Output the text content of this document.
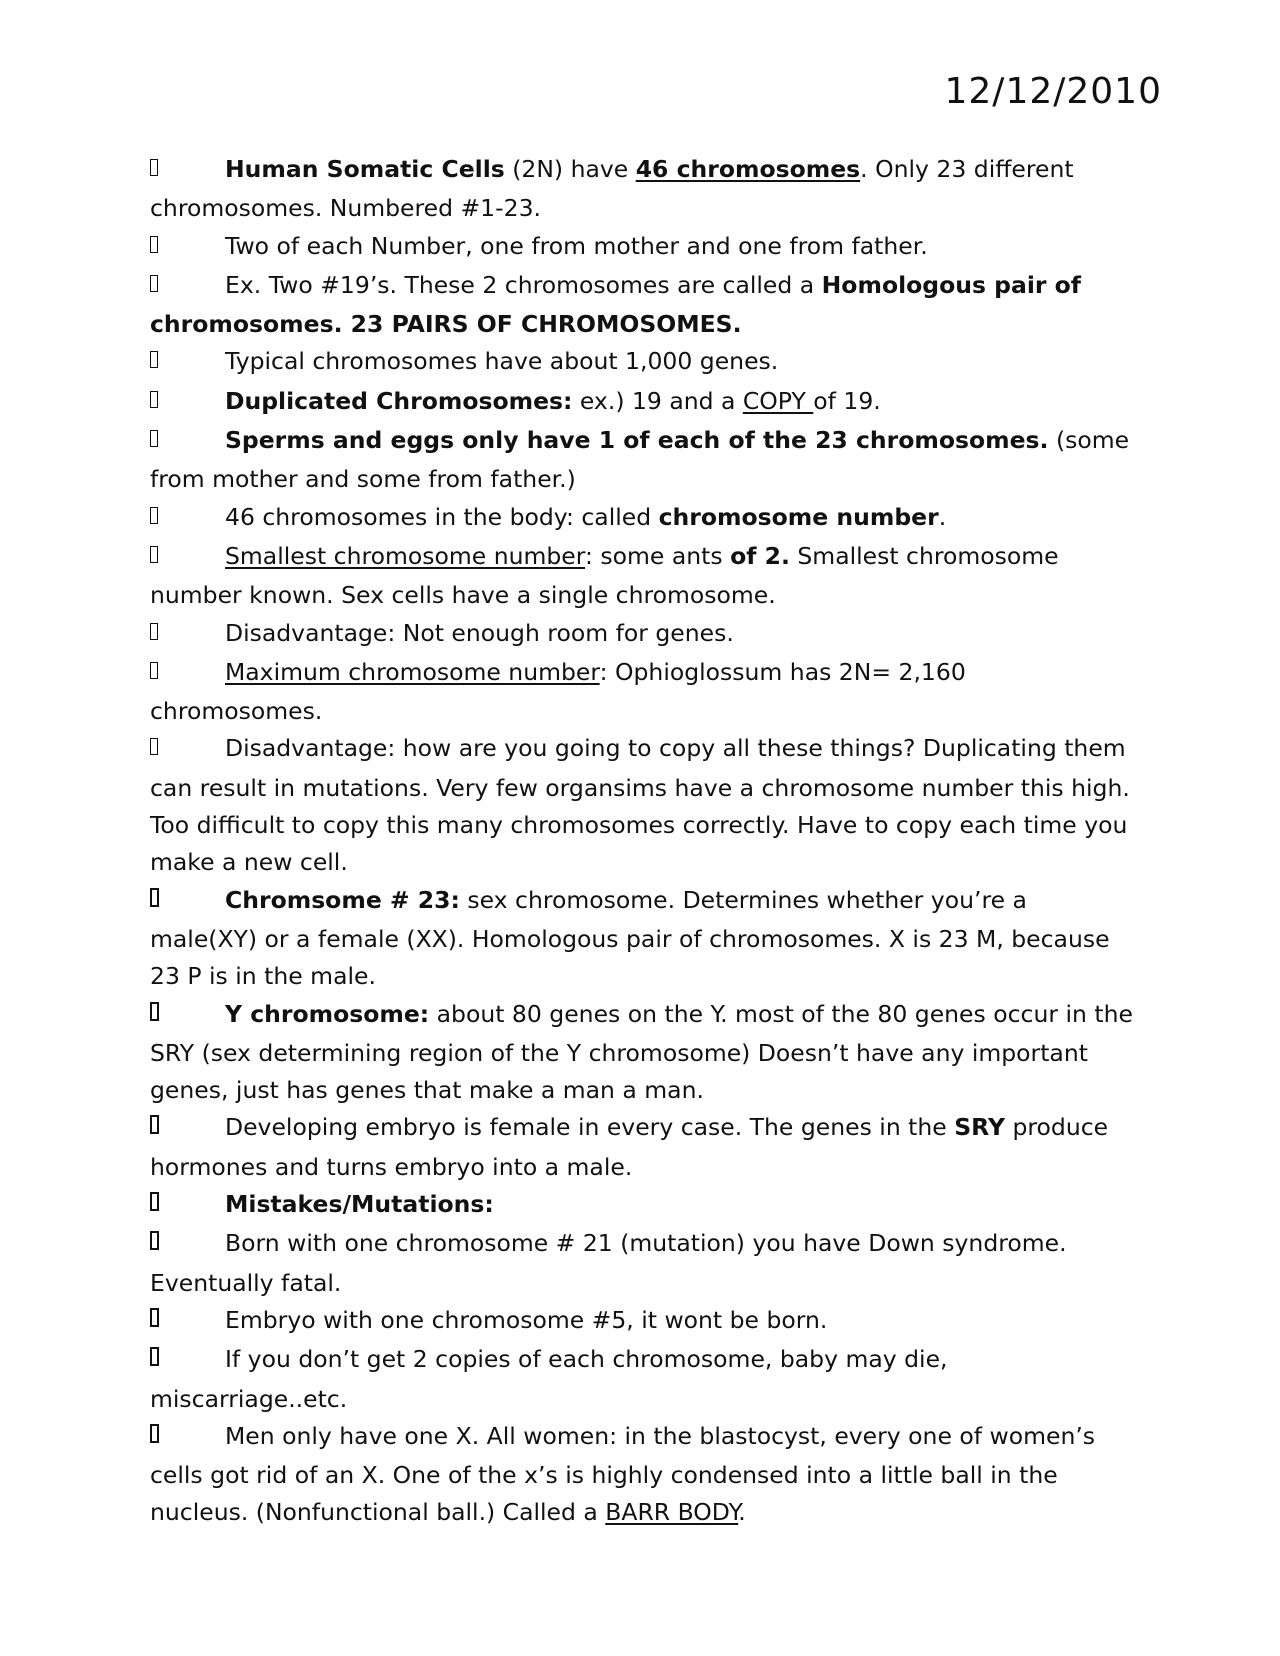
12/12/2010

Human Somatic Cells (2N) have 46 chromosomes. Only 23 different chromosomes. Numbered #1-23.

Two of each Number, one from mother and one from father.

Ex. Two #19’s. These 2 chromosomes are called a Homologous pair of chromosomes. 23 PAIRS OF CHROMOSOMES.

Typical chromosomes have about 1,000 genes.

Duplicated Chromosomes: ex.) 19 and a COPY of 19.

Sperms and eggs only have 1 of each of the 23 chromosomes. (some from mother and some from father.)

46 chromosomes in the body: called chromosome number.

Smallest chromosome number: some ants of 2. Smallest chromosome number known. Sex cells have a single chromosome.

Disadvantage: Not enough room for genes.

Maximum chromosome number: Ophioglossum has 2N= 2,160 chromosomes.

Disadvantage: how are you going to copy all these things? Duplicating them can result in mutations. Very few organsims have a chromosome number this high. Too difficult to copy this many chromosomes correctly. Have to copy each time you make a new cell.

Chromsome # 23: sex chromosome. Determines whether you’re a male(XY) or a female (XX). Homologous pair of chromosomes. X is 23 M, because 23 P is in the male.

Y chromosome: about 80 genes on the Y. most of the 80 genes occur in the SRY (sex determining region of the Y chromosome) Doesn’t have any important genes, just has genes that make a man a man.

Developing embryo is female in every case. The genes in the SRY produce hormones and turns embryo into a male.

Mistakes/Mutations:

Born with one chromosome # 21 (mutation) you have Down syndrome. Eventually fatal.

Embryo with one chromosome #5, it wont be born.

If you don’t get 2 copies of each chromosome, baby may die, miscarriage..etc.

Men only have one X. All women: in the blastocyst, every one of women’s cells got rid of an X. One of the x’s is highly condensed into a little ball in the nucleus. (Nonfunctional ball.) Called a BARR BODY.
